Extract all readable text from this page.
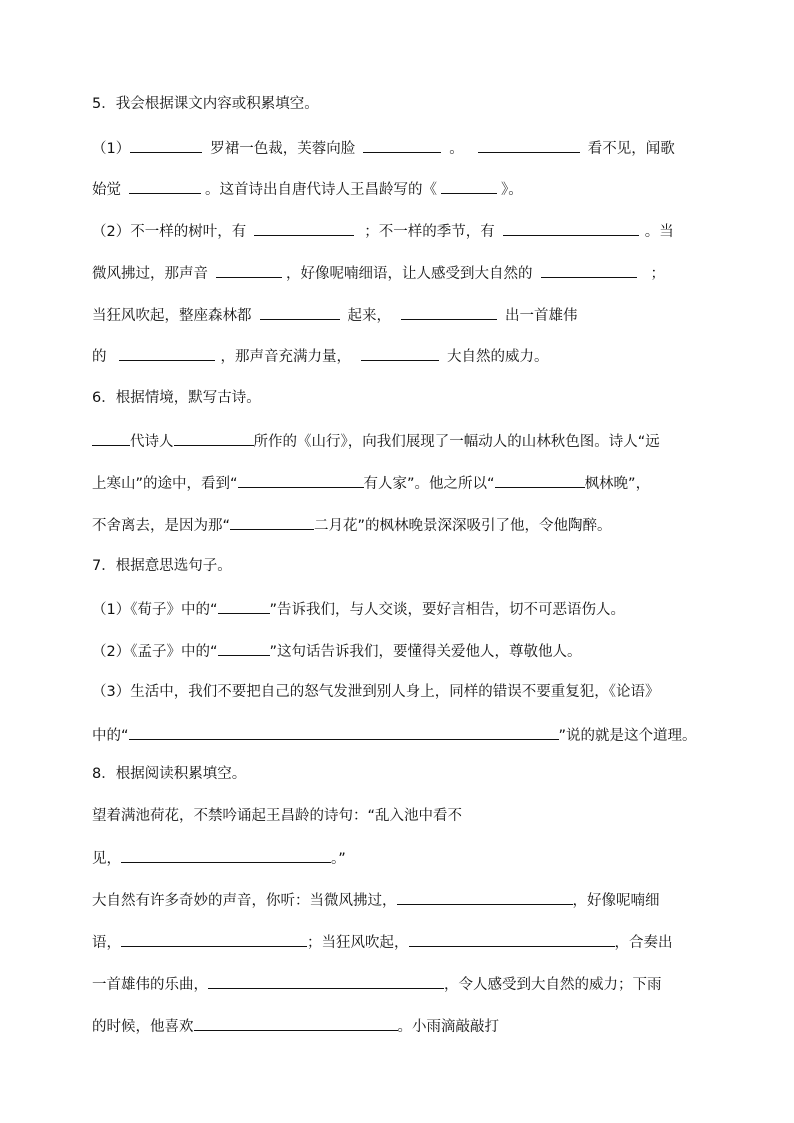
5．我会根据课文内容或积累填空。
（1）	罗裙一色裁，芙蓉向脸	。	看不见，闻歌
始觉	。这首诗出自唐代诗人王昌龄写的《	》。
（2）不一样的树叶，有	；不一样的季节，有	。当
微风拂过，那声音	，好像呢喃细语，让人感受到大自然的	；
当狂风吹起，整座森林都	起来，	出一首雄伟
的	，那声音充满力量，	大自然的威力。
6．根据情境，默写古诗。
代诗人	所作的《山行》，向我们展现了一幅动人的山林秋色图。诗人“远
上寒山”的途中，看到“	有人家”。他之所以“	枫林晚”，
不舍离去，是因为那“	二月花”的枫林晚景深深吸引了他，令他陶醉。
7．根据意思选句子。
（1）《荀子》中的“	”告诉我们，与人交谈，要好言相告，切不可恶语伤人。
（2）《孟子》中的“	”这句话告诉我们，要懂得关爱他人，尊敬他人。
（3）生活中，我们不要把自己的怒气发泄到别人身上，同样的错误不要重复犯，《论语》
中的“	”说的就是这个道理。
8．根据阅读积累填空。
望着满池荷花，不禁吟诵起王昌龄的诗句：“乱入池中看不
见，	。”
大自然有许多奇妙的声音，你听：当微风拂过，	，好像呢喃细
语，	；当狂风吹起，	，合奏出
一首雄伟的乐曲，	，令人感受到大自然的威力；下雨
的时候，他喜欢	。小雨滴敲敲打
